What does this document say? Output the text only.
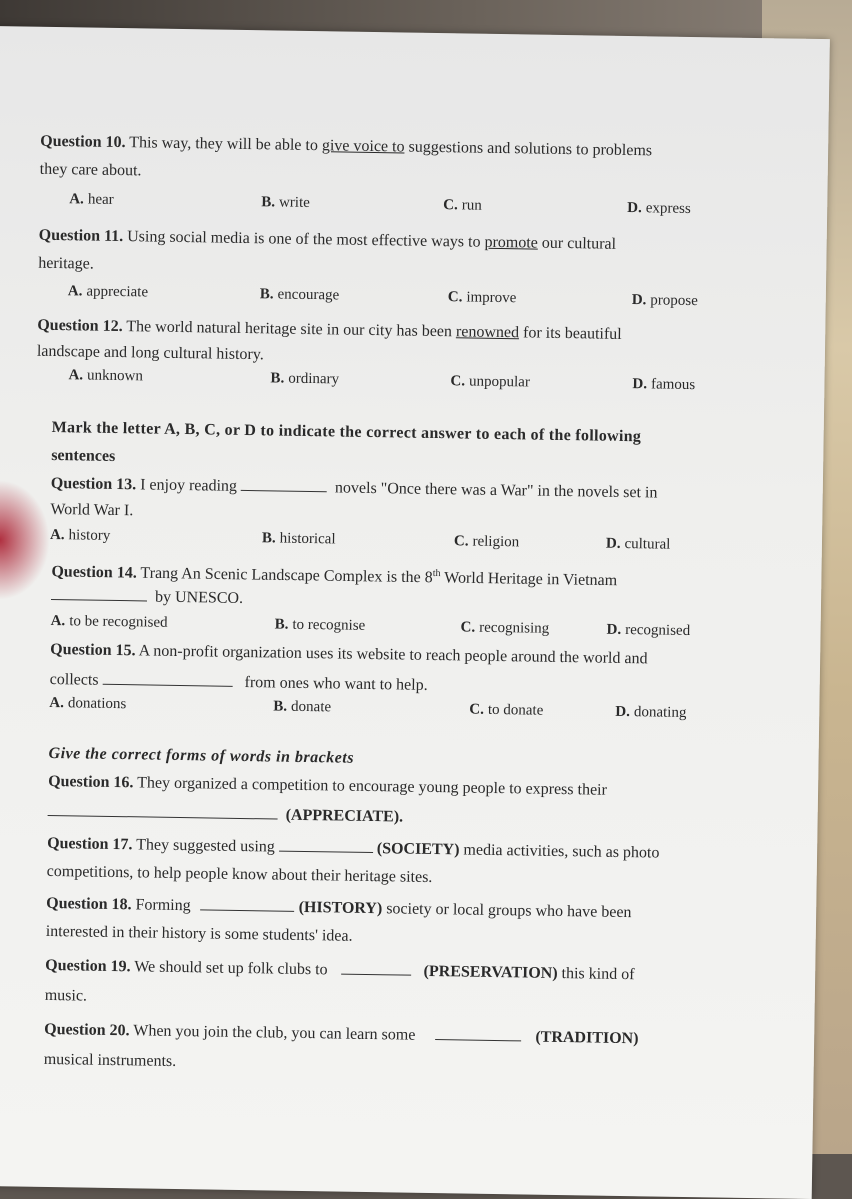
Question 10. This way, they will be able to give voice to suggestions and solutions to problems
they care about.
A. hear	B. write	C. run	D. express
Question 11. Using social media is one of the most effective ways to promote our cultural
heritage.
A. appreciate	B. encourage	C. improve	D. propose
Question 12. The world natural heritage site in our city has been renowned for its beautiful
landscape and long cultural history.
A. unknown	B. ordinary	C. unpopular	D. famous
Mark the letter A, B, C, or D to indicate the correct answer to each of the following
sentences
Question 13. I enjoy reading	novels "Once there was a War" in the novels set in
World War I.
A. history	B. historical	C. religion	D. cultural
Question 14. Trang An Scenic Landscape Complex is the 8th World Heritage in Vietnam
by UNESCO.
A. to be recognised	B. to recognise	C. recognising	D. recognised
Question 15. A non-profit organization uses its website to reach people around the world and
collects	from ones who want to help.
A. donations	B. donate	C. to donate	D. donating
Give the correct forms of words in brackets
Question 16. They organized a competition to encourage young people to express their
(APPRECIATE).
Question 17. They suggested using	(SOCIETY) media activities, such as photo
competitions, to help people know about their heritage sites.
Question 18. Forming	(HISTORY) society or local groups who have been
interested in their history is some students' idea.
Question 19. We should set up folk clubs to	(PRESERVATION) this kind of
music.
Question 20. When you join the club, you can learn some	(TRADITION)
musical instruments.
